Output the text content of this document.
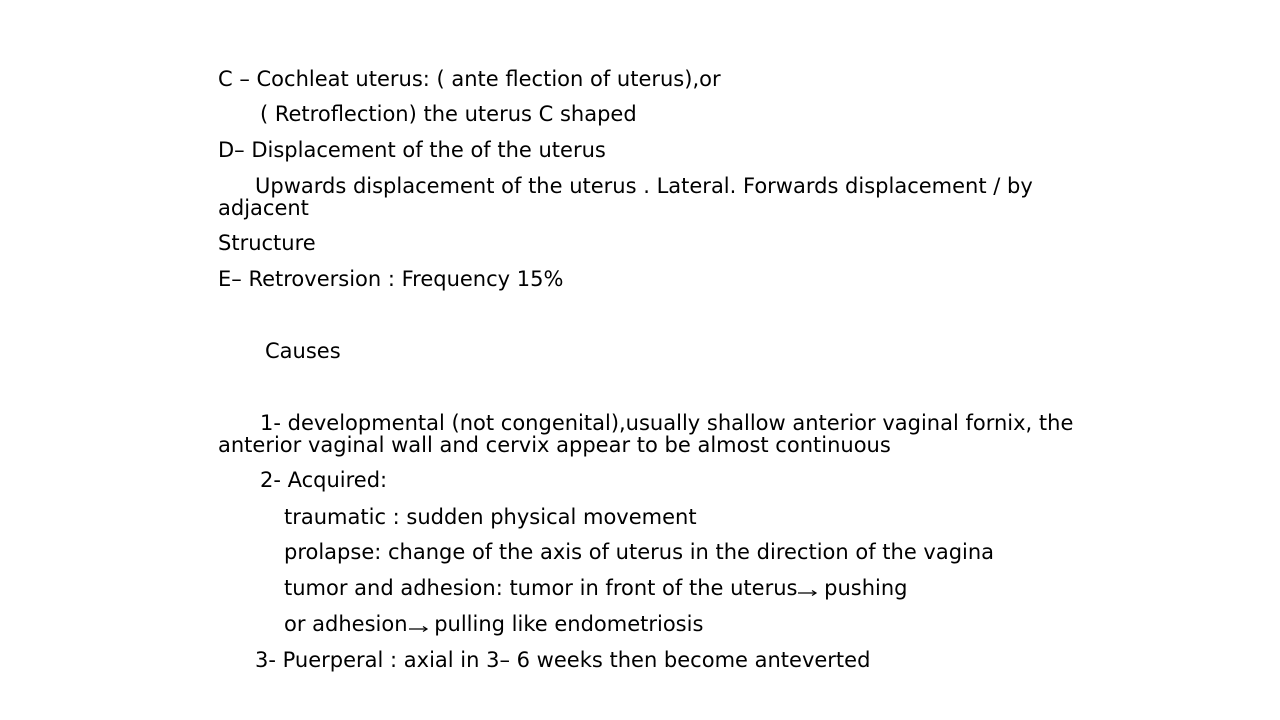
C – Cochleat uterus: ( ante flection of uterus),or
( Retroflection) the uterus C shaped
D– Displacement of the of the uterus
Upwards displacement of the uterus . Lateral. Forwards displacement / by adjacent
Structure
E– Retroversion : Frequency 15%
Causes
1- developmental (not congenital),usually shallow anterior vaginal fornix, the anterior vaginal wall and cervix appear to be almost continuous
2- Acquired:
traumatic : sudden physical movement
prolapse: change of the axis of uterus in the direction of the vagina
tumor and adhesion: tumor in front of the uterus
pushing
or adhesion
pulling like endometriosis
3- Puerperal : axial in 3– 6 weeks then become anteverted
